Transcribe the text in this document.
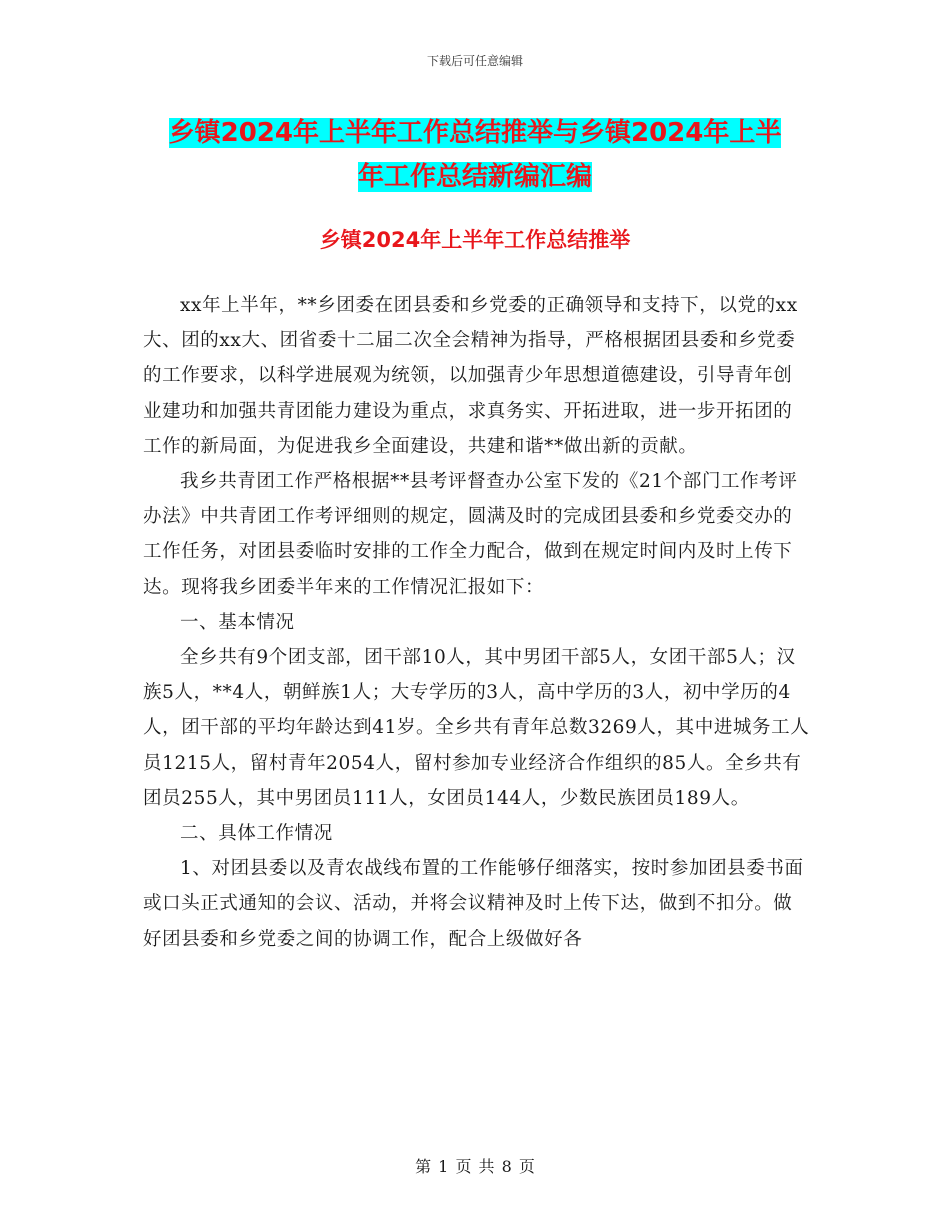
下载后可任意编辑
乡镇2024年上半年工作总结推举与乡镇2024年上半
年工作总结新编汇编
乡镇2024年上半年工作总结推举

xx年上半年，**乡团委在团县委和乡党委的正确领导和支持下，以党的xx大、团的xx大、团省委十二届二次全会精神为指导，严格根据团县委和乡党委的工作要求，以科学进展观为统领，以加强青少年思想道德建设，引导青年创业建功和加强共青团能力建设为重点，求真务实、开拓进取，进一步开拓团的工作的新局面，为促进我乡全面建设，共建和谐**做出新的贡献。

我乡共青团工作严格根据**县考评督查办公室下发的《21个部门工作考评办法》中共青团工作考评细则的规定，圆满及时的完成团县委和乡党委交办的工作任务，对团县委临时安排的工作全力配合，做到在规定时间内及时上传下达。现将我乡团委半年来的工作情况汇报如下：

一、基本情况

全乡共有9个团支部，团干部10人，其中男团干部5人，女团干部5人；汉族5人，**4人，朝鲜族1人；大专学历的3人，高中学历的3人，初中学历的4人，团干部的平均年龄达到41岁。全乡共有青年总数3269人，其中进城务工人员1215人，留村青年2054人，留村参加专业经济合作组织的85人。全乡共有团员255人，其中男团员111人，女团员144人，少数民族团员189人。

二、具体工作情况

1、对团县委以及青农战线布置的工作能够仔细落实，按时参加团县委书面或口头正式通知的会议、活动，并将会议精神及时上传下达，做到不扣分。做好团县委和乡党委之间的协调工作，配合上级做好各

第 1 页 共 8 页
